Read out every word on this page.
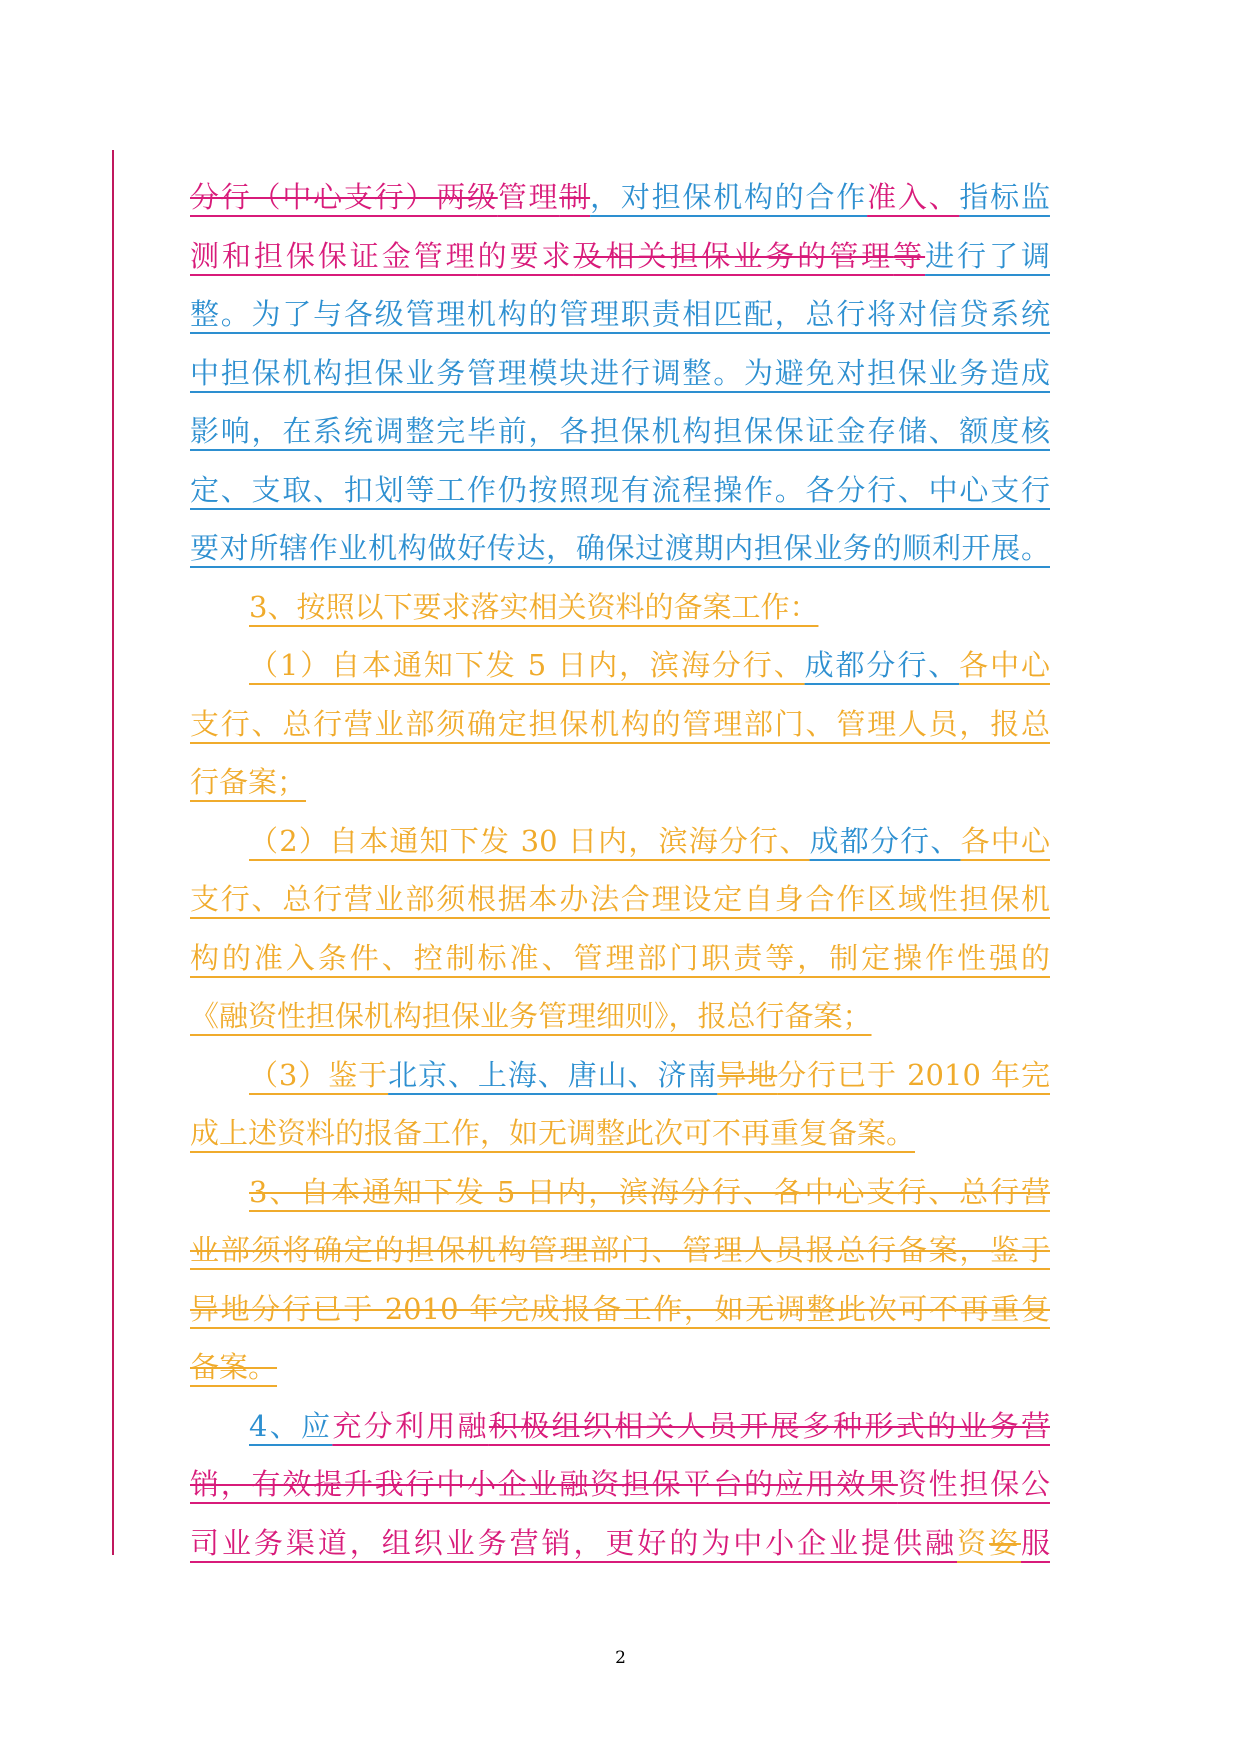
分行（中心支行）两级管理制，对担保机构的合作准入、指标监

测和担保保证金管理的要求及相关担保业务的管理等进行了调

整。为了与各级管理机构的管理职责相匹配，总行将对信贷系统

中担保机构担保业务管理模块进行调整。为避免对担保业务造成

影响，在系统调整完毕前，各担保机构担保保证金存储、额度核

定、支取、扣划等工作仍按照现有流程操作。各分行、中心支行

要对所辖作业机构做好传达，确保过渡期内担保业务的顺利开展。

3、按照以下要求落实相关资料的备案工作：

（1）自本通知下发 5 日内，滨海分行、成都分行、各中心

支行、总行营业部须确定担保机构的管理部门、管理人员，报总

行备案；

（2）自本通知下发 30 日内，滨海分行、成都分行、各中心

支行、总行营业部须根据本办法合理设定自身合作区域性担保机

构的准入条件、控制标准、管理部门职责等，制定操作性强的

《融资性担保机构担保业务管理细则》，报总行备案；

（3）鉴于北京、上海、唐山、济南异地分行已于 2010 年完

成上述资料的报备工作，如无调整此次可不再重复备案。

3、自本通知下发 5 日内，滨海分行、各中心支行、总行营

业部须将确定的担保机构管理部门、管理人员报总行备案，鉴于

异地分行已于 2010 年完成报备工作，如无调整此次可不再重复

备案。

4、应充分利用融积极组织相关人员开展多种形式的业务营

销，有效提升我行中小企业融资担保平台的应用效果资性担保公

司业务渠道，组织业务营销，更好的为中小企业提供融资姿服

2
